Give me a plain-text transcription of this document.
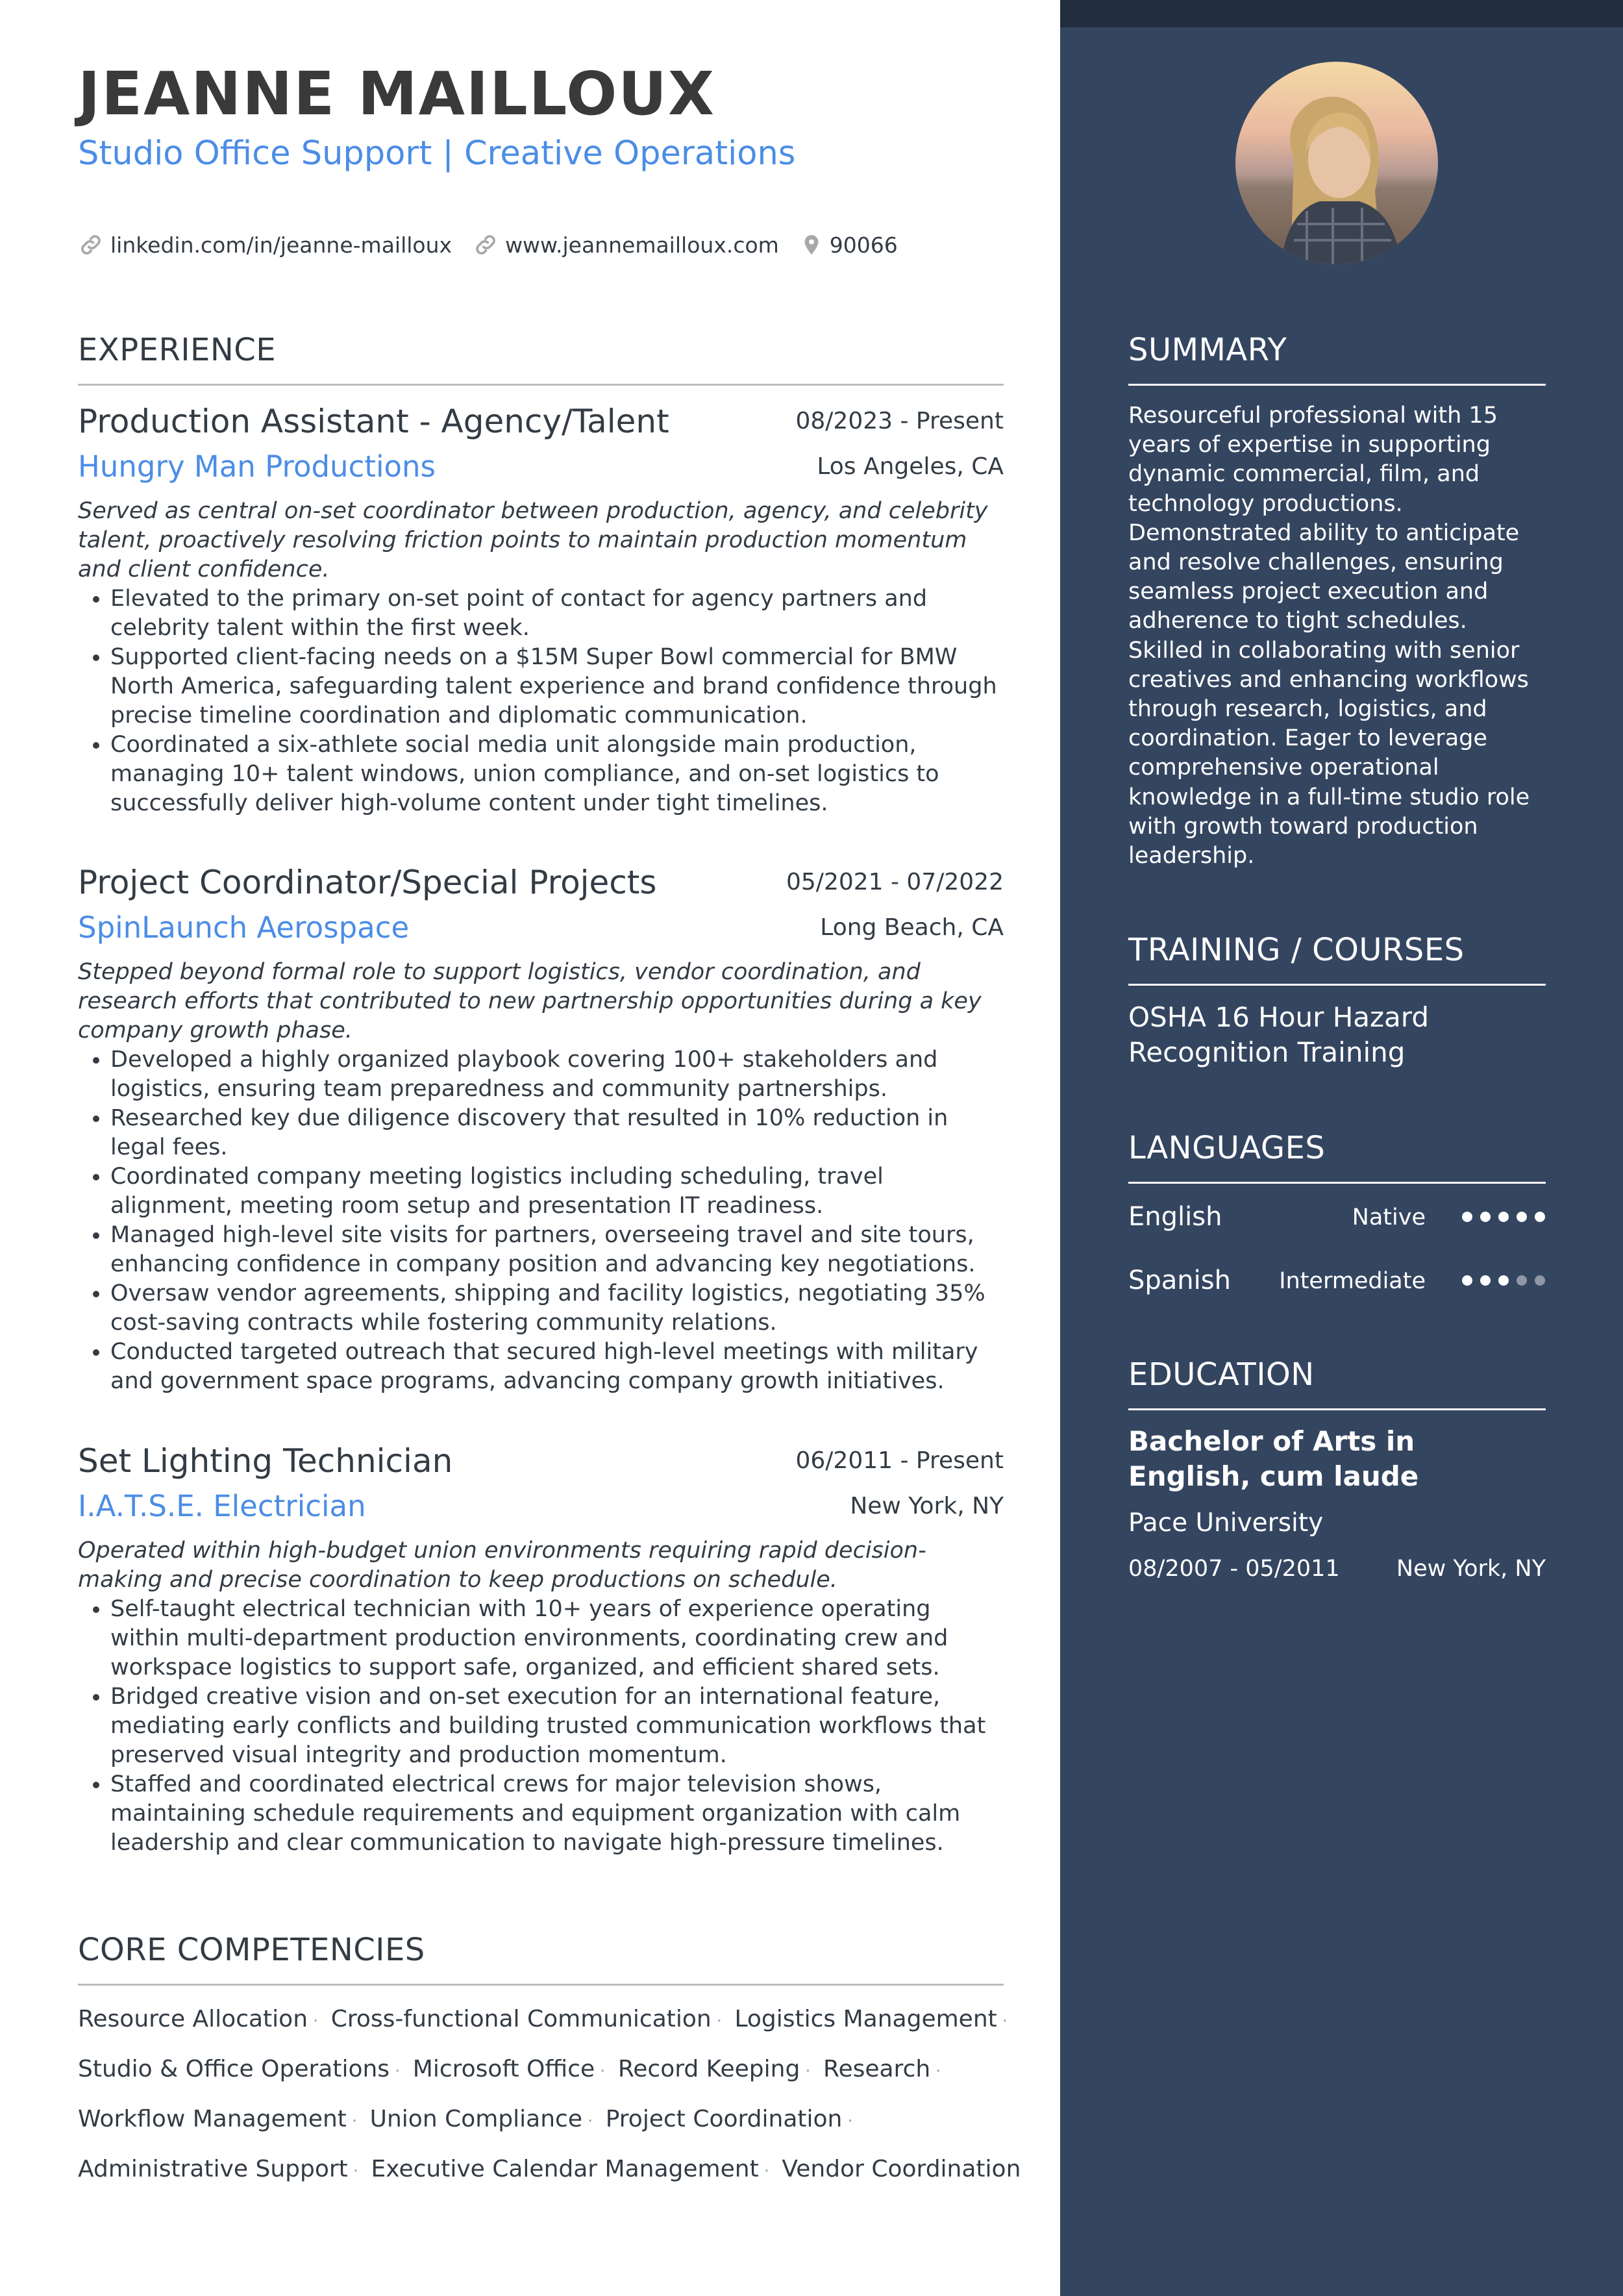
JEANNE MAILLOUX
Studio Office Support | Creative Operations
linkedin.com/in/jeanne-mailloux www.jeannemailloux.com 90066
EXPERIENCE
Production Assistant - Agency/Talent	08/2023 - Present
Hungry Man Productions	Los Angeles, CA
Served as central on-set coordinator between production, agency, and celebrity talent, proactively resolving friction points to maintain production momentum and client confidence.
• Elevated to the primary on-set point of contact for agency partners and celebrity talent within the first week.
• Supported client-facing needs on a $15M Super Bowl commercial for BMW North America, safeguarding talent experience and brand confidence through precise timeline coordination and diplomatic communication.
• Coordinated a six-athlete social media unit alongside main production, managing 10+ talent windows, union compliance, and on-set logistics to successfully deliver high-volume content under tight timelines.
Project Coordinator/Special Projects	05/2021 - 07/2022
SpinLaunch Aerospace	Long Beach, CA
Stepped beyond formal role to support logistics, vendor coordination, and research efforts that contributed to new partnership opportunities during a key company growth phase.
• Developed a highly organized playbook covering 100+ stakeholders and logistics, ensuring team preparedness and community partnerships.
• Researched key due diligence discovery that resulted in 10% reduction in legal fees.
• Coordinated company meeting logistics including scheduling, travel alignment, meeting room setup and presentation IT readiness.
• Managed high-level site visits for partners, overseeing travel and site tours, enhancing confidence in company position and advancing key negotiations.
• Oversaw vendor agreements, shipping and facility logistics, negotiating 35% cost-saving contracts while fostering community relations.
• Conducted targeted outreach that secured high-level meetings with military and government space programs, advancing company growth initiatives.
Set Lighting Technician	06/2011 - Present
I.A.T.S.E. Electrician	New York, NY
Operated within high-budget union environments requiring rapid decision-making and precise coordination to keep productions on schedule.
• Self-taught electrical technician with 10+ years of experience operating within multi-department production environments, coordinating crew and workspace logistics to support safe, organized, and efficient shared sets.
• Bridged creative vision and on-set execution for an international feature, mediating early conflicts and building trusted communication workflows that preserved visual integrity and production momentum.
• Staffed and coordinated electrical crews for major television shows, maintaining schedule requirements and equipment organization with calm leadership and clear communication to navigate high-pressure timelines.
CORE COMPETENCIES
Resource Allocation · Cross-functional Communication · Logistics Management ·
Studio & Office Operations · Microsoft Office · Record Keeping · Research ·
Workflow Management · Union Compliance · Project Coordination ·
Administrative Support · Executive Calendar Management · Vendor Coordination
SUMMARY
Resourceful professional with 15 years of expertise in supporting dynamic commercial, film, and technology productions. Demonstrated ability to anticipate and resolve challenges, ensuring seamless project execution and adherence to tight schedules. Skilled in collaborating with senior creatives and enhancing workflows through research, logistics, and coordination. Eager to leverage comprehensive operational knowledge in a full-time studio role with growth toward production leadership.
TRAINING / COURSES
OSHA 16 Hour Hazard Recognition Training
LANGUAGES
English	Native
Spanish Intermediate
EDUCATION
Bachelor of Arts in English, cum laude
Pace University
08/2007 - 05/2011 New York, NY
